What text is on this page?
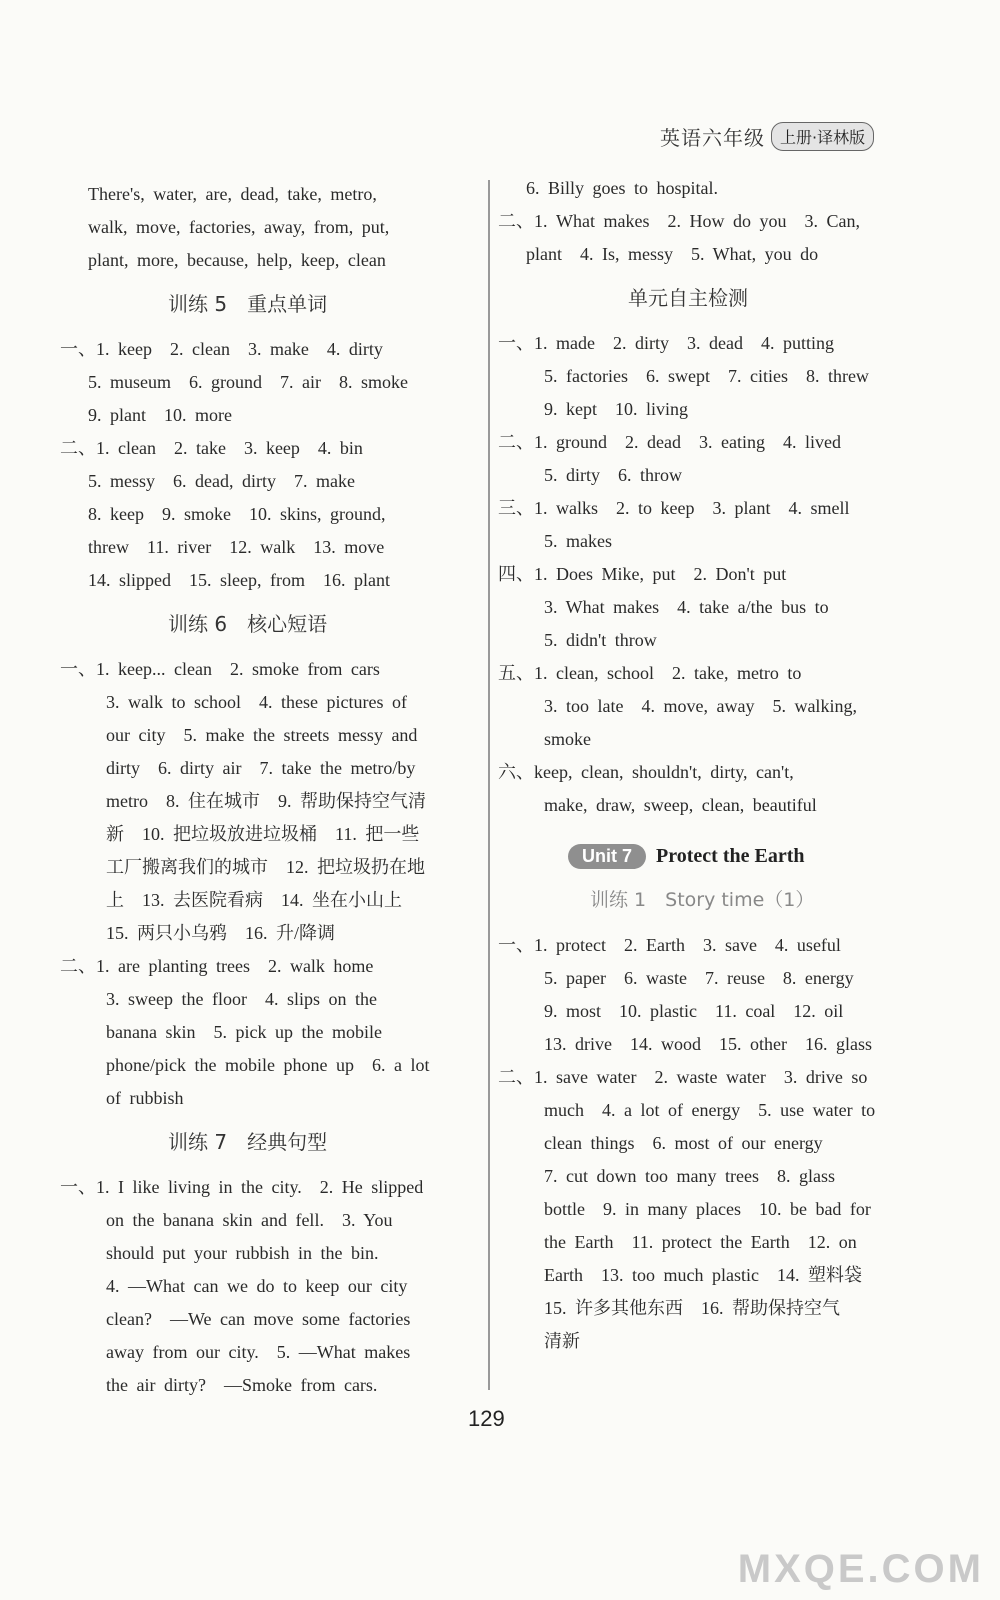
英语六年级 上册·译林版
There's, water, are, dead, take, metro,
walk, move, factories, away, from, put,
plant, more, because, help, keep, clean
训练 5　重点单词
一、1. keep　2. clean　3. make　4. dirty
5. museum　6. ground　7. air　8. smoke
9. plant　10. more
二、1. clean　2. take　3. keep　4. bin
5. messy　6. dead, dirty　7. make
8. keep　9. smoke　10. skins, ground,
threw　11. river　12. walk　13. move
14. slipped　15. sleep, from　16. plant
训练 6　核心短语
一、1. keep... clean　2. smoke from cars
3. walk to school　4. these pictures of
our city　5. make the streets messy and
dirty　6. dirty air　7. take the metro/by
metro　8. 住在城市　9. 帮助保持空气清
新　10. 把垃圾放进垃圾桶　11. 把一些
工厂搬离我们的城市　12. 把垃圾扔在地
上　13. 去医院看病　14. 坐在小山上
15. 两只小乌鸦　16. 升/降调
二、1. are planting trees　2. walk home
3. sweep the floor　4. slips on the
banana skin　5. pick up the mobile
phone/pick the mobile phone up　6. a lot
of rubbish
训练 7　经典句型
一、1. I like living in the city.　2. He slipped
on the banana skin and fell.　3. You
should put your rubbish in the bin.
4. —What can we do to keep our city
clean?　—We can move some factories
away from our city.　5. —What makes
the air dirty?　—Smoke from cars.
6. Billy goes to hospital.
二、1. What makes　2. How do you　3. Can,
plant　4. Is, messy　5. What, you do
单元自主检测
一、1. made　2. dirty　3. dead　4. putting
5. factories　6. swept　7. cities　8. threw
9. kept　10. living
二、1. ground　2. dead　3. eating　4. lived
5. dirty　6. throw
三、1. walks　2. to keep　3. plant　4. smell
5. makes
四、1. Does Mike, put　2. Don't put
3. What makes　4. take a/the bus to
5. didn't throw
五、1. clean, school　2. take, metro to
3. too late　4. move, away　5. walking,
smoke
六、keep, clean, shouldn't, dirty, can't,
make, draw, sweep, clean, beautiful
Unit 7	Protect the Earth
训练 1　Story time（1）
一、1. protect　2. Earth　3. save　4. useful
5. paper　6. waste　7. reuse　8. energy
9. most　10. plastic　11. coal　12. oil
13. drive　14. wood　15. other　16. glass
二、1. save water　2. waste water　3. drive so
much　4. a lot of energy　5. use water to
clean things　6. most of our energy
7. cut down too many trees　8. glass
bottle　9. in many places　10. be bad for
the Earth　11. protect the Earth　12. on
Earth　13. too much plastic　14. 塑料袋
15. 许多其他东西　16. 帮助保持空气
清新
129
MXQE.COM
